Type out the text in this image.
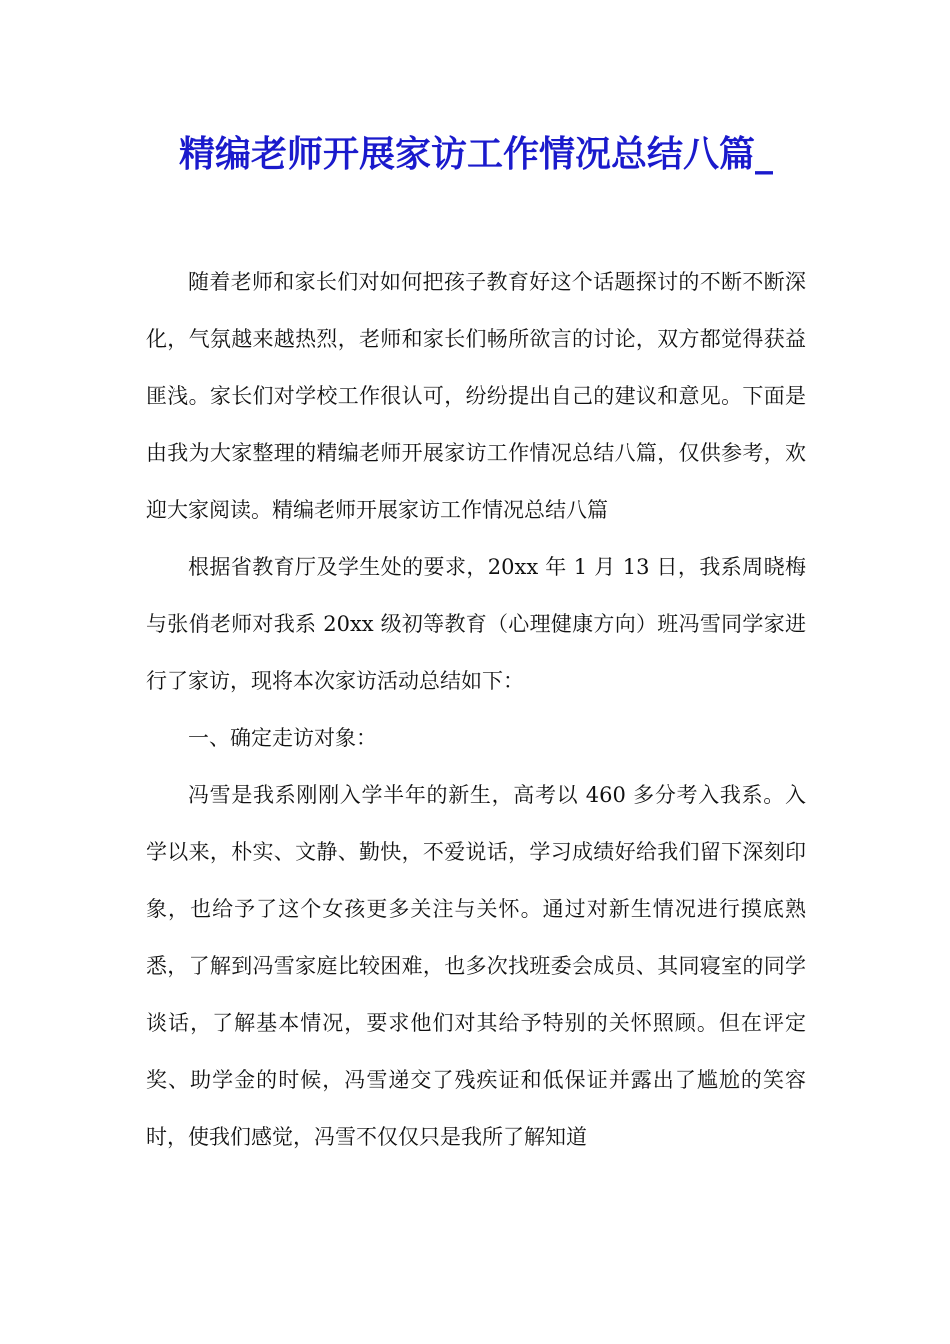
精编老师开展家访工作情况总结八篇_

随着老师和家长们对如何把孩子教育好这个话题探讨的不断不断深化，气氛越来越热烈，老师和家长们畅所欲言的讨论，双方都觉得获益匪浅。家长们对学校工作很认可，纷纷提出自己的建议和意见。下面是由我为大家整理的精编老师开展家访工作情况总结八篇，仅供参考，欢迎大家阅读。精编老师开展家访工作情况总结八篇

根据省教育厅及学生处的要求，20xx 年 1 月 13 日，我系周晓梅与张俏老师对我系 20xx 级初等教育（心理健康方向）班冯雪同学家进行了家访，现将本次家访活动总结如下：

一、确定走访对象：

冯雪是我系刚刚入学半年的新生，高考以 460 多分考入我系。入学以来，朴实、文静、勤快，不爱说话，学习成绩好给我们留下深刻印象，也给予了这个女孩更多关注与关怀。通过对新生情况进行摸底熟悉，了解到冯雪家庭比较困难，也多次找班委会成员、其同寝室的同学谈话，了解基本情况，要求他们对其给予特别的关怀照顾。但在评定奖、助学金的时候，冯雪递交了残疾证和低保证并露出了尴尬的笑容时，使我们感觉，冯雪不仅仅只是我所了解知道
